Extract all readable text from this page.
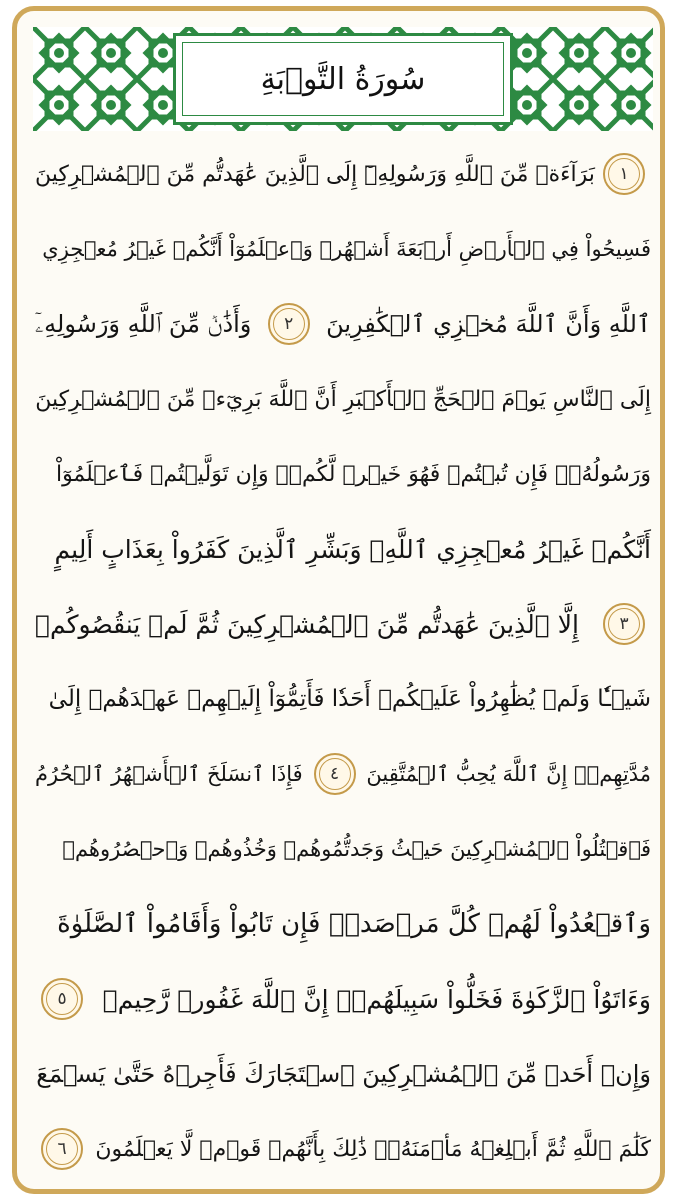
سُورَةُ التَّوۡبَةِ
١
بَرَآءَةٞ مِّنَ ٱللَّهِ وَرَسُولِهِۦٓ إِلَى ٱلَّذِينَ عَٰهَدتُّم مِّنَ ٱلۡمُشۡرِكِينَ
فَسِيحُواْ فِي ٱلۡأَرۡضِ أَرۡبَعَةَ أَشۡهُرٖ وَٱعۡلَمُوٓاْ أَنَّكُمۡ غَيۡرُ مُعۡجِزِي
ٱللَّهِ وَأَنَّ ٱللَّهَ مُخۡزِي ٱلۡكَٰفِرِينَ
٢
وَأَذَٰنٞ مِّنَ ٱللَّهِ وَرَسُولِهِۦٓ
إِلَى ٱلنَّاسِ يَوۡمَ ٱلۡحَجِّ ٱلۡأَكۡبَرِ أَنَّ ٱللَّهَ بَرِيٓءٞ مِّنَ ٱلۡمُشۡرِكِينَ
وَرَسُولُهُۥۚ فَإِن تُبۡتُمۡ فَهُوَ خَيۡرٞ لَّكُمۡۖ وَإِن تَوَلَّيۡتُمۡ فَٱعۡلَمُوٓاْ
أَنَّكُمۡ غَيۡرُ مُعۡجِزِي ٱللَّهِۗ وَبَشِّرِ ٱلَّذِينَ كَفَرُواْ بِعَذَابٍ أَلِيمٍ
٣
إِلَّا ٱلَّذِينَ عَٰهَدتُّم مِّنَ ٱلۡمُشۡرِكِينَ ثُمَّ لَمۡ يَنقُصُوكُمۡ
شَيۡـٔٗا وَلَمۡ يُظَٰهِرُواْ عَلَيۡكُمۡ أَحَدٗا فَأَتِمُّوٓاْ إِلَيۡهِمۡ عَهۡدَهُمۡ إِلَىٰ
مُدَّتِهِمۡۚ إِنَّ ٱللَّهَ يُحِبُّ ٱلۡمُتَّقِينَ
٤
فَإِذَا ٱنسَلَخَ ٱلۡأَشۡهُرُ ٱلۡحُرُمُ
فَٱقۡتُلُواْ ٱلۡمُشۡرِكِينَ حَيۡثُ وَجَدتُّمُوهُمۡ وَخُذُوهُمۡ وَٱحۡصُرُوهُمۡ
وَٱقۡعُدُواْ لَهُمۡ كُلَّ مَرۡصَدٖۚ فَإِن تَابُواْ وَأَقَامُواْ ٱلصَّلَوٰةَ
وَءَاتَوُاْ ٱلزَّكَوٰةَ فَخَلُّواْ سَبِيلَهُمۡۚ إِنَّ ٱللَّهَ غَفُورٞ رَّحِيمٞ
٥
وَإِنۡ أَحَدٞ مِّنَ ٱلۡمُشۡرِكِينَ ٱسۡتَجَارَكَ فَأَجِرۡهُ حَتَّىٰ يَسۡمَعَ
كَلَٰمَ ٱللَّهِ ثُمَّ أَبۡلِغۡهُ مَأۡمَنَهُۥۚ ذَٰلِكَ بِأَنَّهُمۡ قَوۡمٞ لَّا يَعۡلَمُونَ
٦
